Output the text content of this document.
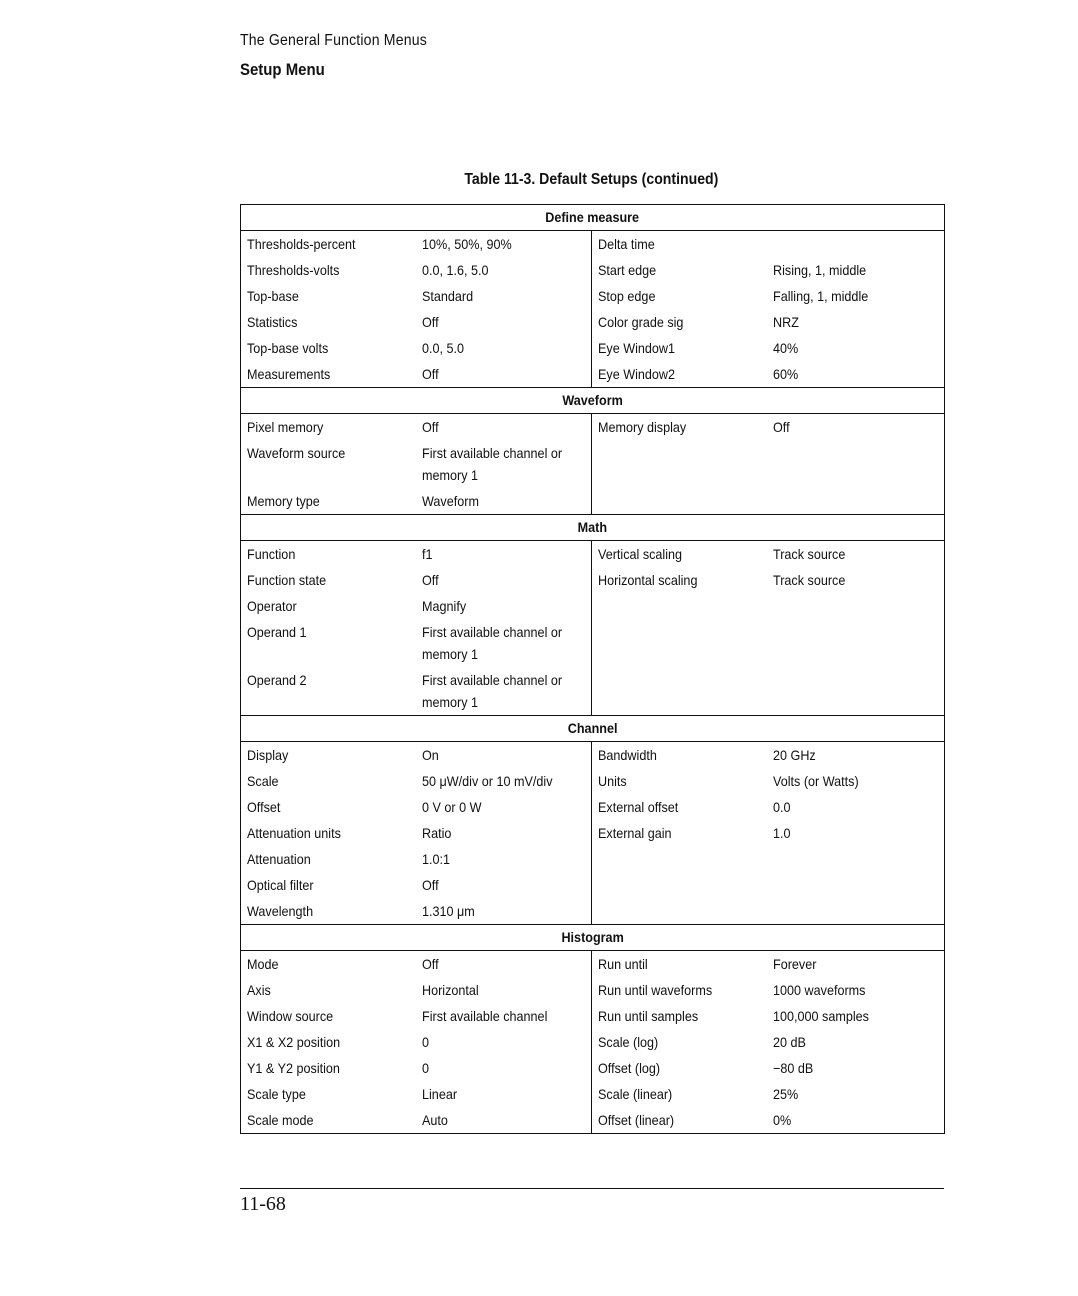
The General Function Menus
Setup Menu
Table 11-3. Default Setups (continued)
Define measure			
Thresholds-percent	10%, 50%, 90%	Delta time	
Thresholds-volts	0.0, 1.6, 5.0	Start edge	Rising, 1, middle
Top-base	Standard	Stop edge	Falling, 1, middle
Statistics	Off	Color grade sig	NRZ
Top-base volts	0.0, 5.0	Eye Window1	40%
Measurements	Off	Eye Window2	60%
Waveform			
Pixel memory	Off	Memory display	Off
Waveform source	First available channel or memory 1		
Memory type	Waveform		
Math			
Function	f1	Vertical scaling	Track source
Function state	Off	Horizontal scaling	Track source
Operator	Magnify		
Operand 1	First available channel or memory 1		
Operand 2	First available channel or memory 1		
Channel			
Display	On	Bandwidth	20 GHz
Scale	50 μW/div or 10 mV/div	Units	Volts (or Watts)
Offset	0 V or 0 W	External offset	0.0
Attenuation units	Ratio	External gain	1.0
Attenuation	1.0:1		
Optical filter	Off		
Wavelength	1.310 μm		
Histogram			
Mode	Off	Run until	Forever
Axis	Horizontal	Run until waveforms	1000 waveforms
Window source	First available channel	Run until samples	100,000 samples
X1 & X2 position	0	Scale (log)	20 dB
Y1 & Y2 position	0	Offset (log)	−80 dB
Scale type	Linear	Scale (linear)	25%
Scale mode	Auto	Offset (linear)	0%
11-68
